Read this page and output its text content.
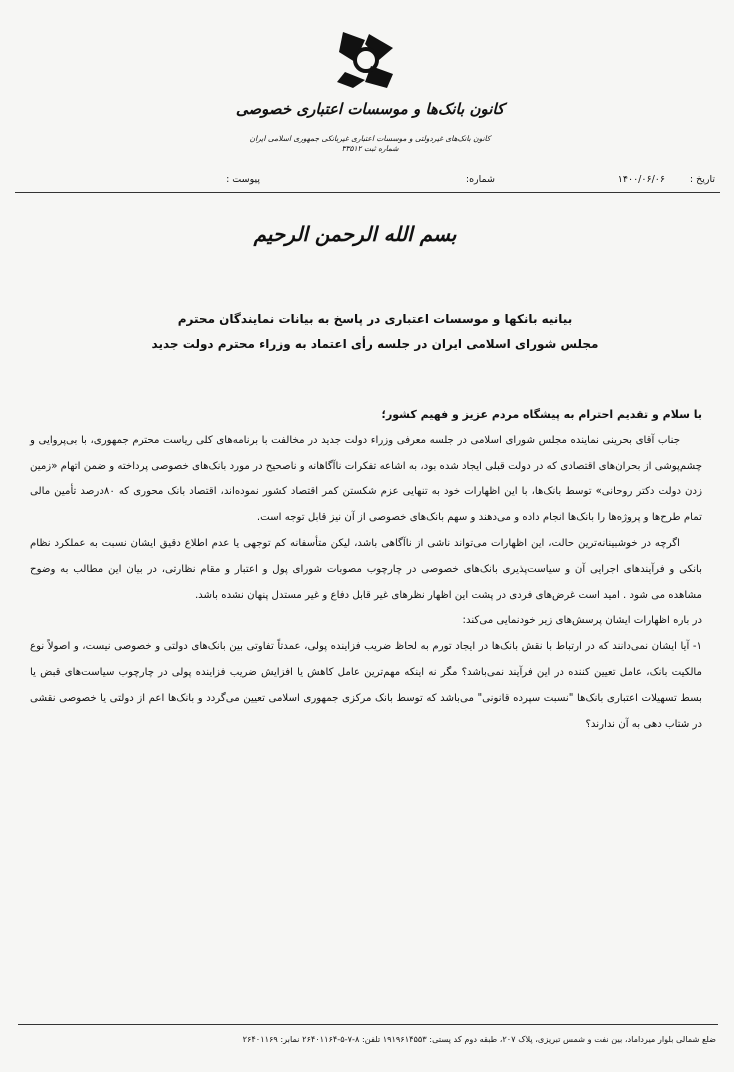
کانون بانک‌ها و موسسات اعتباری خصوصی
کانون بانک‌های غیردولتی و موسسات اعتباری غیربانکی جمهوری اسلامی ایران
شماره ثبت ۳۳۵۱۲
تاریخ :
۱۴۰۰/۰۶/۰۶
شماره:
پیوست :
بسم الله الرحمن الرحیم
بیانیه بانکها و موسسات اعتباری در پاسخ به بیانات نمایندگان محترم
مجلس شورای اسلامی ایران در جلسه رأی اعتماد به وزراء محترم دولت جدید

با سلام و تقدیم احترام به پیشگاه مردم عزیز و فهیم کشور؛

جناب آقای بحرینی نماینده مجلس شورای اسلامی در جلسه معرفی وزراء دولت جدید در مخالفت با برنامه‌های کلی ریاست محترم جمهوری، با بی‌پروایی و چشم‌پوشی از بحران‌های اقتصادی که در دولت قبلی ایجاد شده بود، به اشاعه تفکرات ناآگاهانه و ناصحیح در مورد بانک‌های خصوصی پرداخته و ضمن اتهام «زمین زدن دولت دکتر روحانی» توسط بانک‌ها، با این اظهارات خود به تنهایی عزم شکستن کمر اقتصاد کشور نموده‌اند، اقتصاد بانک محوری که ۸۰درصد تأمین مالی تمام طرح‌ها و پروژه‌ها را بانک‌ها انجام داده و می‌دهند و سهم بانک‌های خصوصی از آن نیز قابل توجه است.

اگرچه در خوشبینانه‌ترین حالت، این اظهارات می‌تواند ناشی از ناآگاهی باشد، لیکن متأسفانه کم توجهی یا عدم اطلاع دقیق ایشان نسبت به عملکرد نظام بانکی و فرآیندهای اجرایی آن و سیاست‌پذیری بانک‌های خصوصی در چارچوب مصوبات شورای پول و اعتبار و مقام نظارتی، در بیان این مطالب به وضوح مشاهده می شود . امید است غرض‌های فردی در پشت این اظهار نظرهای غیر قابل دفاع و غیر مستدل پنهان نشده باشد.

در باره اظهارات ایشان پرسش‌های زیر خودنمایی می‌کند:

۱- آیا ایشان نمی‌دانند که در ارتباط با نقش بانک‌ها در ایجاد تورم به لحاظ ضریب فزاینده پولی، عمدتاً تفاوتی بین بانک‌های دولتی و خصوصی نیست، و اصولاً نوع مالکیت بانک، عامل تعیین کننده در این فرآیند نمی‌باشد؟ مگر نه اینکه مهم‌ترین عامل کاهش یا افزایش ضریب فزاینده پولی در چارچوب سیاست‌های قبض یا بسط تسهیلات اعتباری بانک‌ها "نسبت سپرده قانونی" می‌باشد که توسط بانک مرکزی جمهوری اسلامی تعیین می‌گردد و بانک‌ها اعم از دولتی یا خصوصی نقشی در شتاب دهی به آن ندارند؟

ضلع شمالی بلوار میرداماد، بین نفت و شمس تبریزی، پلاک ۲۰۷، طبقه دوم کد پستی: ۱۹۱۹۶۱۴۵۵۳ تلفن: ۸-۷-۵-۲۶۴۰۱۱۶۴ نمابر: ۲۶۴۰۱۱۶۹
